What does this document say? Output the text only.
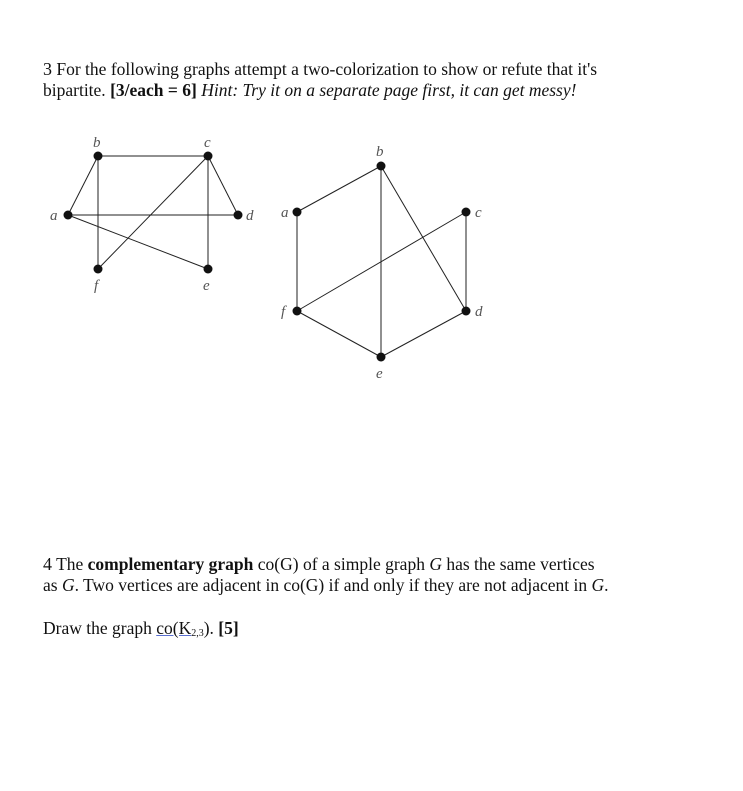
3 For the following graphs attempt a two-colorization to show or refute that it's
bipartite. [3/each = 6] Hint: Try it on a separate page first, it can get messy!
a
b	c
d
e
f
a
b
c
d
e
f
4 The complementary graph co(G) of a simple graph G has the same vertices
as G. Two vertices are adjacent in co(G) if and only if they are not adjacent in G.
Draw the graph $co(K_{2,3})$. [5]
